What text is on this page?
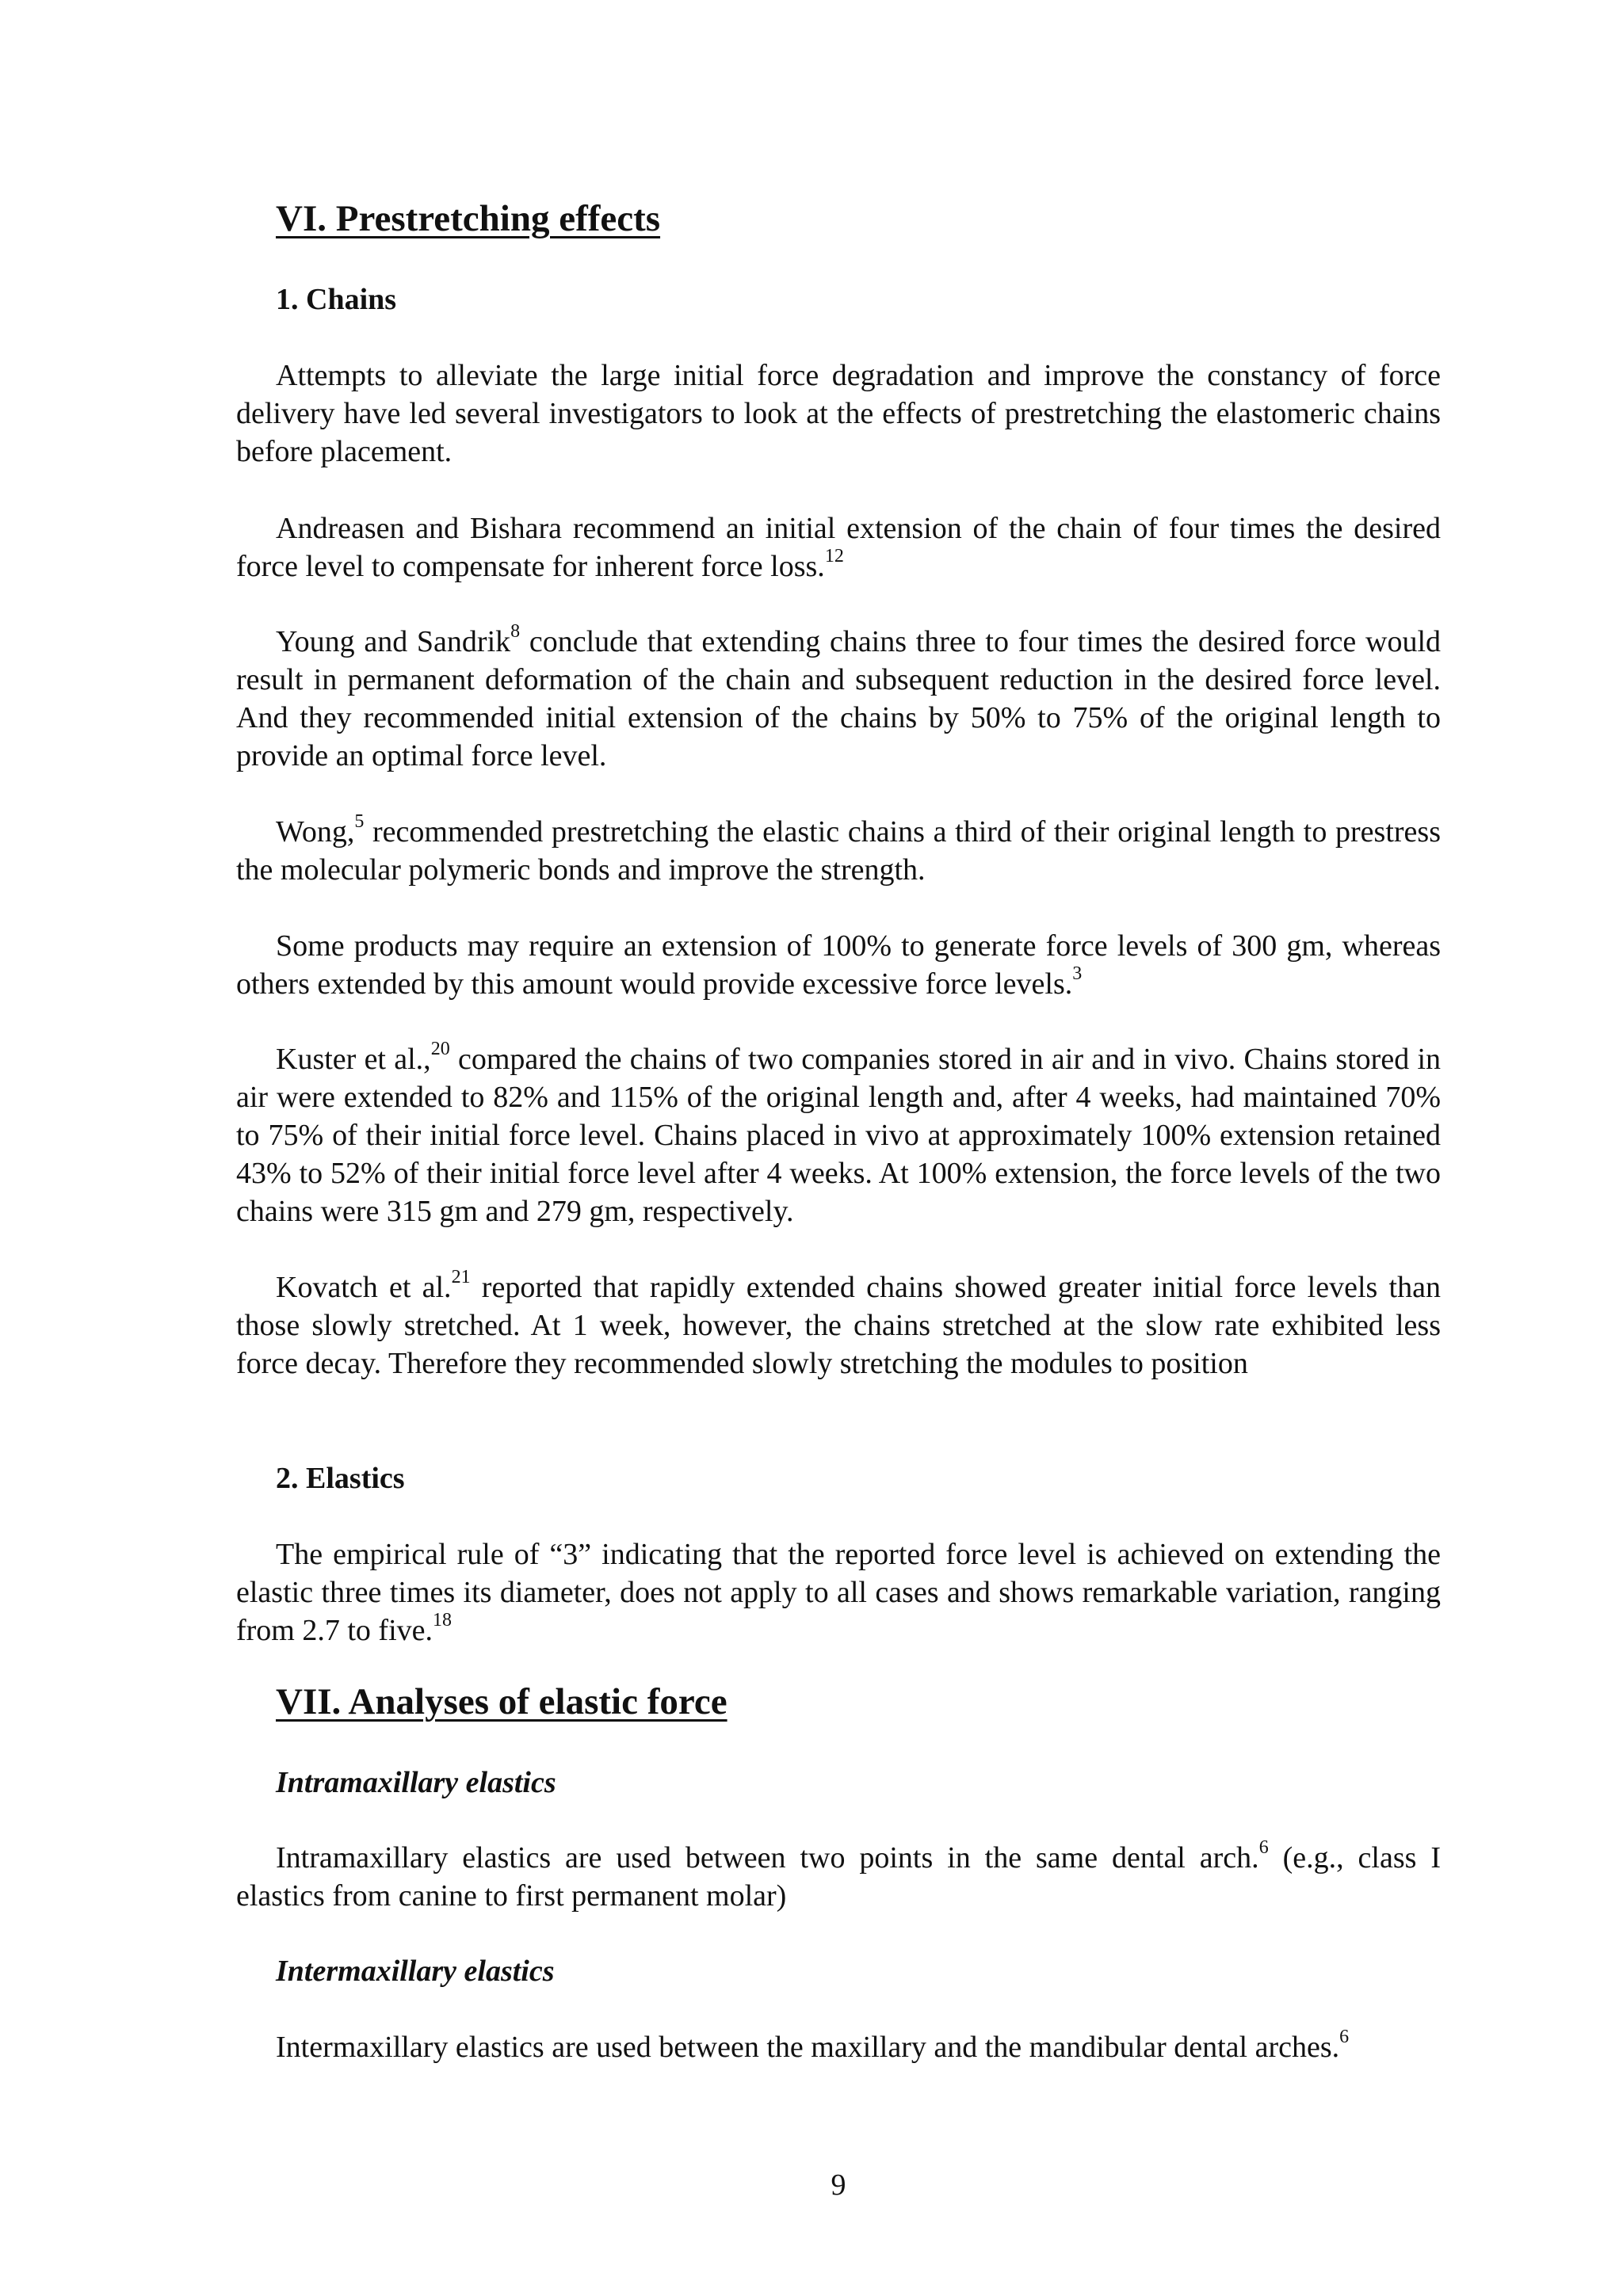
VI. Prestretching effects
1. Chains

Attempts to alleviate the large initial force degradation and improve the constancy of force delivery have led several investigators to look at the effects of prestretching the elastomeric chains before placement.

Andreasen and Bishara recommend an initial extension of the chain of four times the desired force level to compensate for inherent force loss.$^{12}$

Young and Sandrik$^8$ conclude that extending chains three to four times the desired force would result in permanent deformation of the chain and subsequent reduction in the desired force level. And they recommended initial extension of the chains by 50% to 75% of the original length to provide an optimal force level.

Wong,$^5$ recommended prestretching the elastic chains a third of their original length to prestress the molecular polymeric bonds and improve the strength.

Some products may require an extension of 100% to generate force levels of 300 gm, whereas others extended by this amount would provide excessive force levels.$^3$

Kuster et al.,$^{20}$ compared the chains of two companies stored in air and in vivo. Chains stored in air were extended to 82% and 115% of the original length and, after 4 weeks, had maintained 70% to 75% of their initial force level. Chains placed in vivo at approximately 100% extension retained 43% to 52% of their initial force level after 4 weeks. At 100% extension, the force levels of the two chains were 315 gm and 279 gm, respectively.

Kovatch et al.$^{21}$ reported that rapidly extended chains showed greater initial force levels than those slowly stretched. At 1 week, however, the chains stretched at the slow rate exhibited less force decay. Therefore they recommended slowly stretching the modules to position

2. Elastics

The empirical rule of “3” indicating that the reported force level is achieved on extending the elastic three times its diameter, does not apply to all cases and shows remarkable variation, ranging from 2.7 to five.$^{18}$

VII. Analyses of elastic force
Intramaxillary elastics

Intramaxillary elastics are used between two points in the same dental arch.$^6$ (e.g., class I elastics from canine to first permanent molar)

Intermaxillary elastics

Intermaxillary elastics are used between the maxillary and the mandibular dental arches.$^6$

9
